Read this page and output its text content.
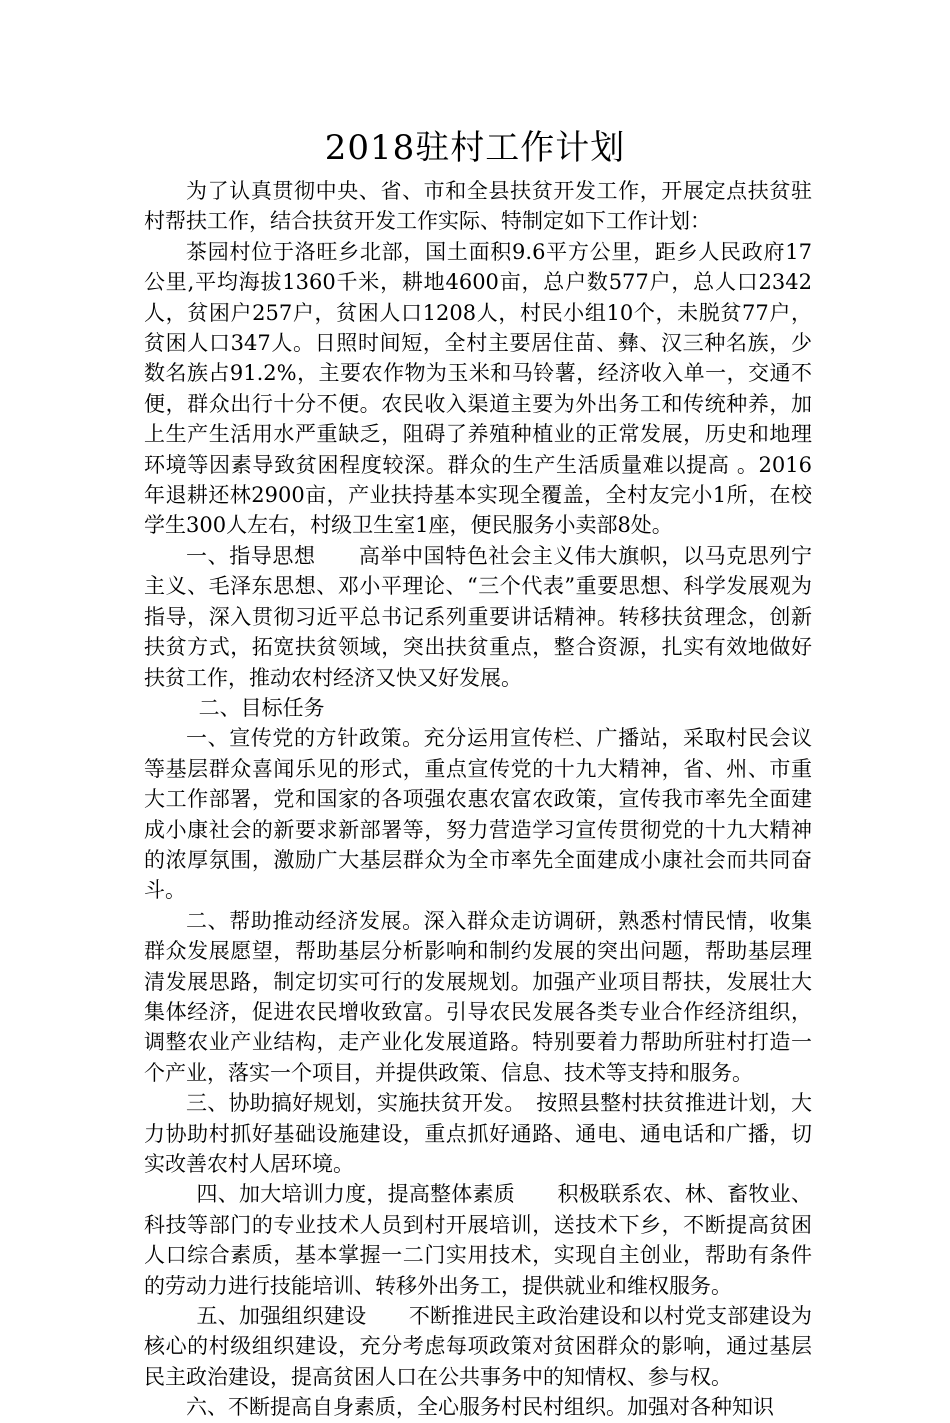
2018驻村工作计划

为了认真贯彻中央、省、市和全县扶贫开发工作，开展定点扶贫驻村帮扶工作，结合扶贫开发工作实际、特制定如下工作计划：

茶园村位于洛旺乡北部，国土面积9.6平方公里，距乡人民政府17公里,平均海拔1360千米，耕地4600亩，总户数577户，总人口2342人，贫困户257户，贫困人口1208人，村民小组10个，未脱贫77户，贫困人口347人。日照时间短，全村主要居住苗、彝、汉三种名族，少数名族占91.2%，主要农作物为玉米和马铃薯，经济收入单一，交通不便，群众出行十分不便。农民收入渠道主要为外出务工和传统种养，加上生产生活用水严重缺乏，阻碍了养殖种植业的正常发展，历史和地理环境等因素导致贫困程度较深。群众的生产生活质量难以提高 。2016年退耕还林2900亩，产业扶持基本实现全覆盖，全村友完小1所，在校学生300人左右，村级卫生室1座，便民服务小卖部8处。

一、指导思想　　高举中国特色社会主义伟大旗帜，以马克思列宁主义、毛泽东思想、邓小平理论、“三个代表”重要思想、科学发展观为指导，深入贯彻习近平总书记系列重要讲话精神。转移扶贫理念，创新扶贫方式，拓宽扶贫领域，突出扶贫重点，整合资源，扎实有效地做好扶贫工作，推动农村经济又快又好发展。

二、目标任务

一、宣传党的方针政策。充分运用宣传栏、广播站，采取村民会议等基层群众喜闻乐见的形式，重点宣传党的十九大精神，省、州、市重大工作部署，党和国家的各项强农惠农富农政策，宣传我市率先全面建成小康社会的新要求新部署等，努力营造学习宣传贯彻党的十九大精神的浓厚氛围，激励广大基层群众为全市率先全面建成小康社会而共同奋斗。

二、帮助推动经济发展。深入群众走访调研，熟悉村情民情，收集群众发展愿望，帮助基层分析影响和制约发展的突出问题，帮助基层理清发展思路，制定切实可行的发展规划。加强产业项目帮扶，发展壮大集体经济，促进农民增收致富。引导农民发展各类专业合作经济组织，调整农业产业结构，走产业化发展道路。特别要着力帮助所驻村打造一个产业，落实一个项目，并提供政策、信息、技术等支持和服务。

三、协助搞好规划，实施扶贫开发。　按照县整村扶贫推进计划，大力协助村抓好基础设施建设，重点抓好通路、通电、通电话和广播，切实改善农村人居环境。

四、加大培训力度，提高整体素质　　积极联系农、林、畜牧业、科技等部门的专业技术人员到村开展培训，送技术下乡，不断提高贫困人口综合素质，基本掌握一二门实用技术，实现自主创业，帮助有条件的劳动力进行技能培训、转移外出务工，提供就业和维权服务。

五、加强组织建设　　不断推进民主政治建设和以村党支部建设为核心的村级组织建设，充分考虑每项政策对贫困群众的影响，通过基层民主政治建设，提高贫困人口在公共事务中的知情权、参与权。

六、不断提高自身素质，全心服务村民村组织。加强对各种知识
